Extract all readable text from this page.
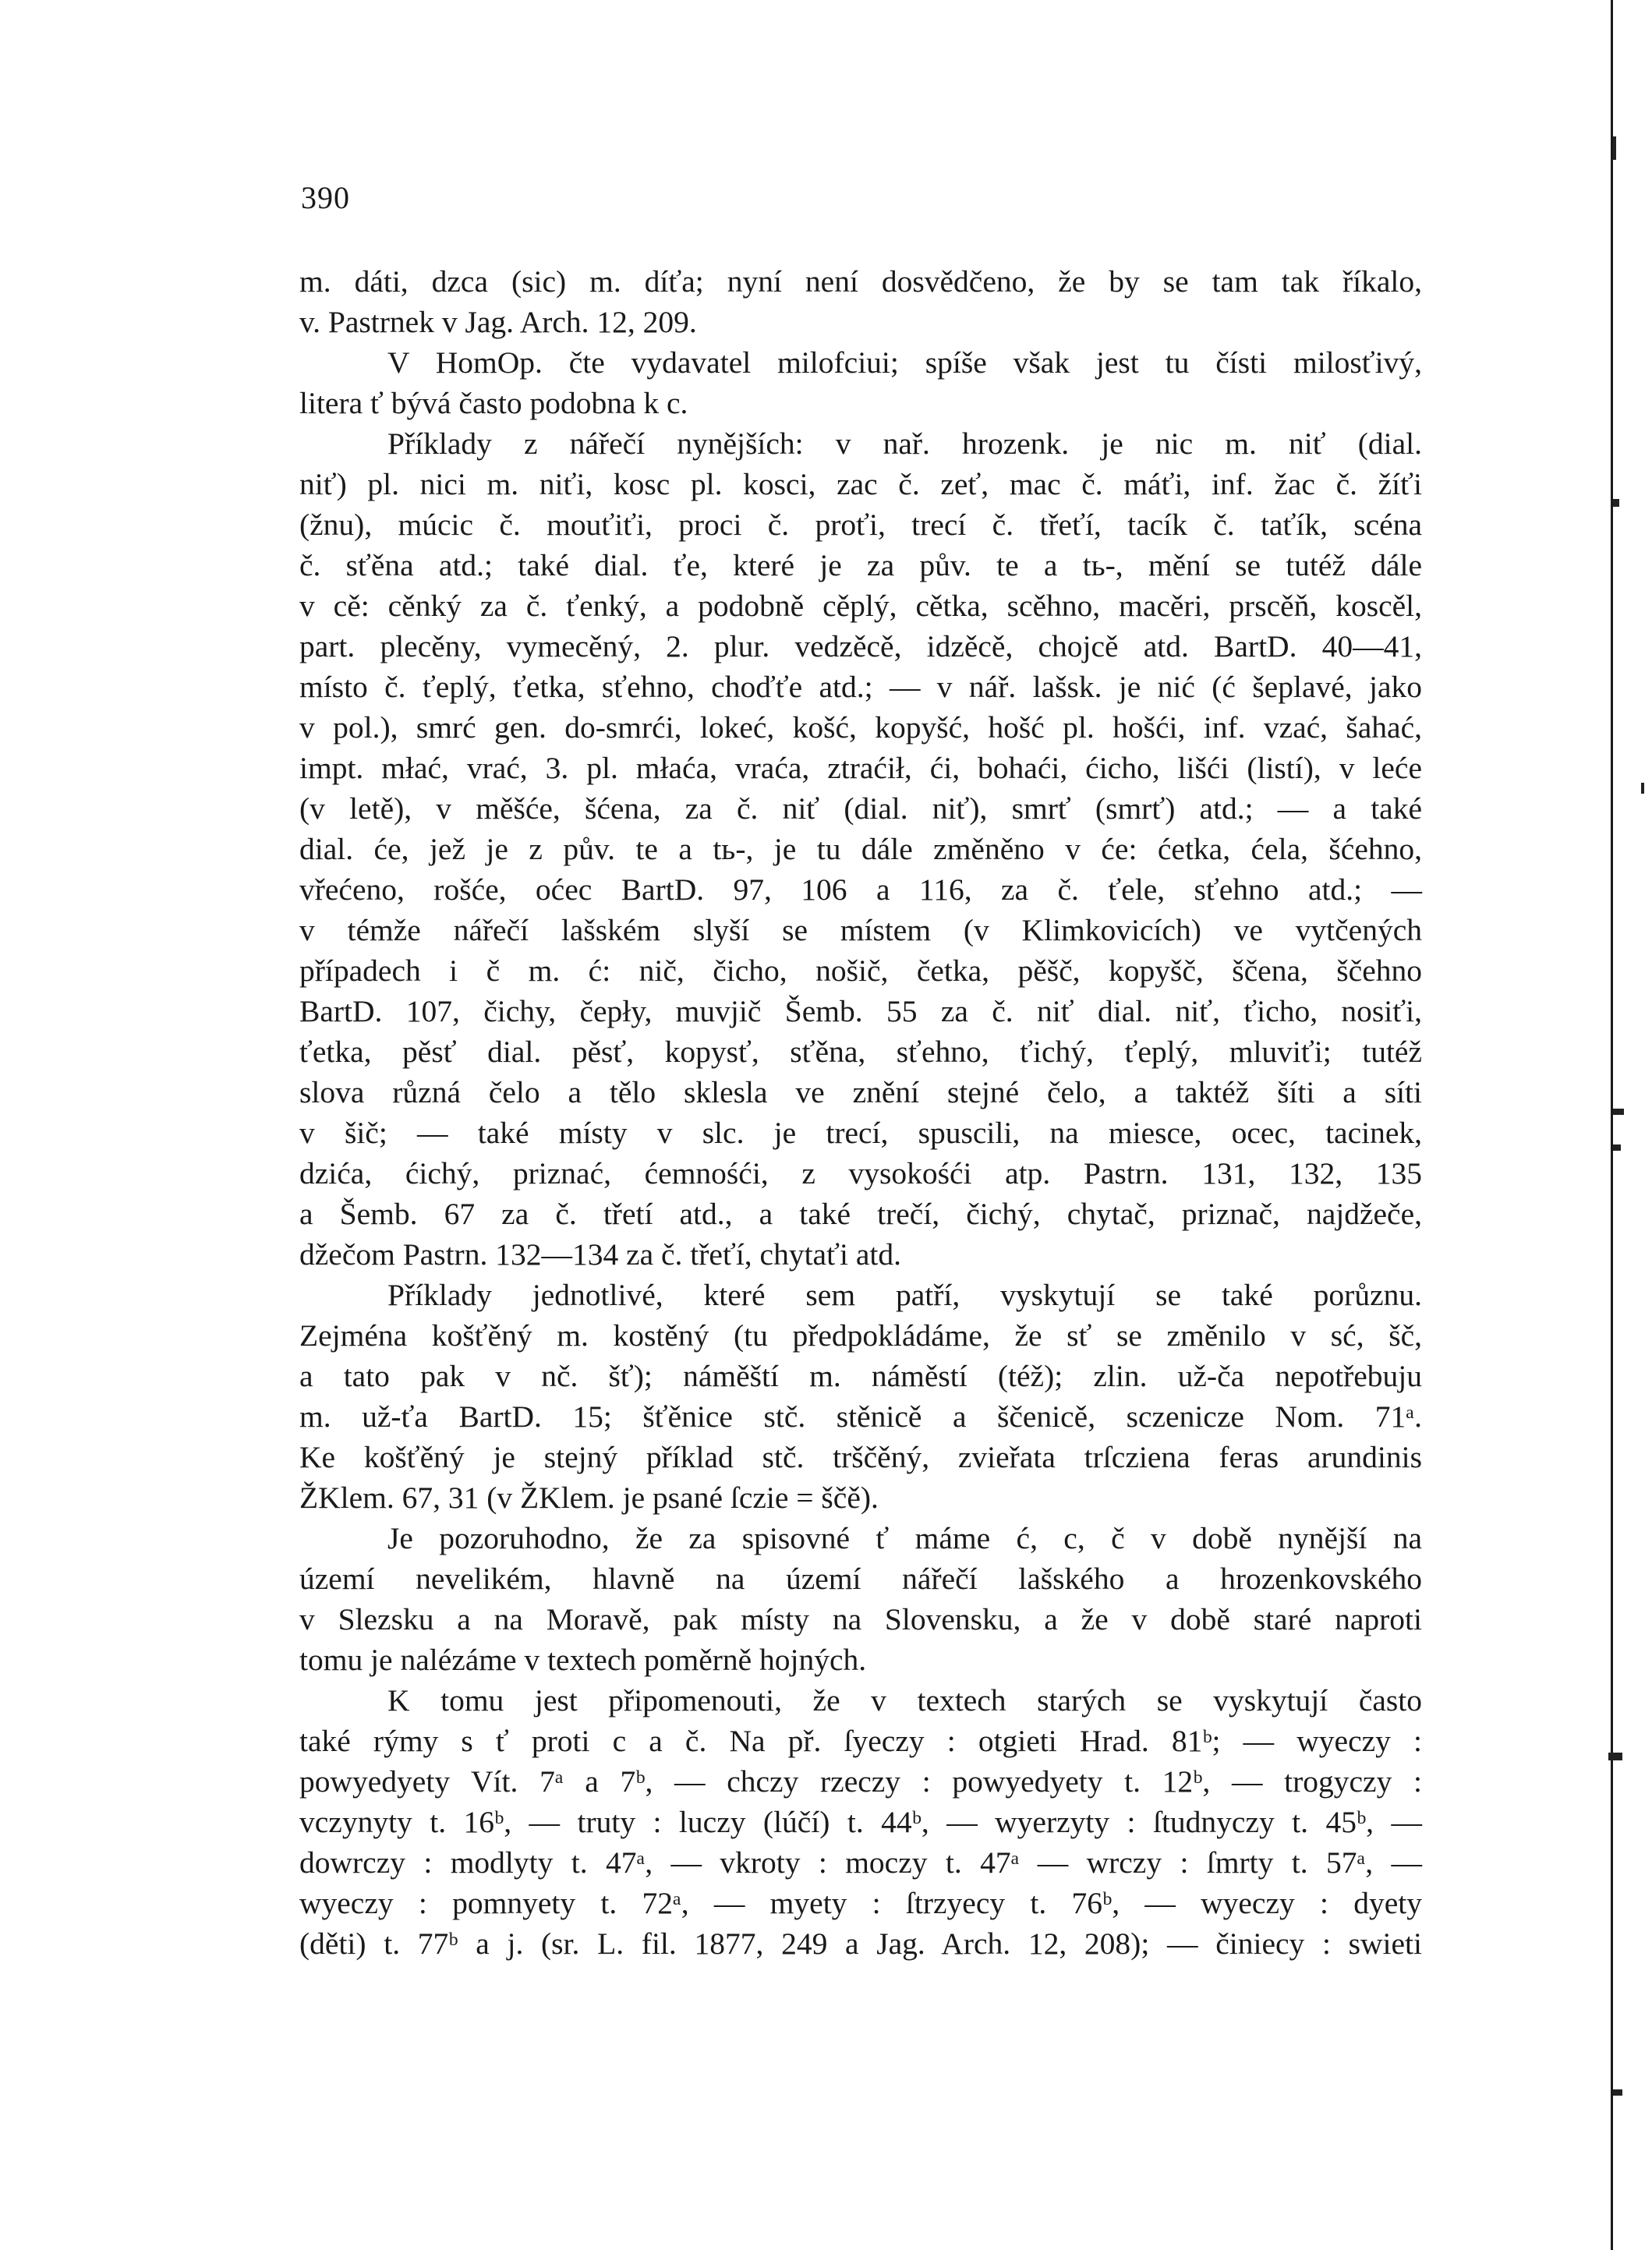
390
m. dáti, dzca (sic) m. díťa; nyní není dosvědčeno, že by se tam tak říkalo,
v. Pastrnek v Jag. Arch. 12, 209.
V HomOp. čte vydavatel milofciui; spíše však jest tu čísti milosťivý,
litera ť bývá často podobna k c.
Příklady z nářečí nynějších: v nař. hrozenk. je nic m. niť (dial.
niť) pl. nici m. niťi, kosc pl. kosci, zac č. zeť, mac č. máťi, inf. žac č. žíťi
(žnu), múcic č. mouťiťi, proci č. proťi, trecí č. třeťí, tacík č. taťík, scéna
č. sťěna atd.; také dial. ťe, které je za pův. te a tь-, mění se tutéž dále
v cě: cěnký za č. ťenký, a podobně cěplý, cětka, scěhno, macěri, prscěň, koscěl,
part. plecěny, vymecěný, 2. plur. vedzěcě, idzěcě, chojcě atd. BartD. 40—41,
místo č. ťeplý, ťetka, sťehno, choďťe atd.; — v nář. lašsk. je nić (ć šeplavé, jako
v pol.), smrć gen. do-smrći, lokeć, košć, kopyšć, hošć pl. hošći, inf. vzać, šahać,
impt. młać, vrać, 3. pl. młaća, vraća, ztraćił, ći, bohaći, ćicho, lišći (listí), v lеće
(v letě), v měšće, šćena, za č. niť (dial. niť), smrť (smrť) atd.; — a také
dial. će, jež je z pův. te a tь-, je tu dále změněno v će: ćetka, ćela, šćehno,
vřećeno, rošće, oćec BartD. 97, 106 a 116, za č. ťele, sťehno atd.; —
v témže nářečí lašském slyší se místem (v Klimkovicích) ve vytčených
případech i č m. ć: nič, čicho, nošič, četka, pěšč, kopyšč, ščena, ščehno
BartD. 107, čichy, čepły, muvjič Šemb. 55 za č. niť dial. niť, ťicho, nosiťi,
ťetka, pěsť dial. pěsť, kopysť, sťěna, sťehno, ťichý, ťeplý, mluviťi; tutéž
slova různá čelo a tělo sklesla ve znění stejné čelo, a taktéž šíti a síti
v šič; — také místy v slc. je trecí, spuscili, na miesce, ocec, tacinek,
dzića, ćichý, priznać, ćemnośći, z vysokośći atp. Pastrn. 131, 132, 135
a Šemb. 67 za č. třetí atd., a také trečí, čichý, chytač, priznač, najdžeče,
džečom Pastrn. 132—134 za č. třeťí, chytaťi atd.
Příklady jednotlivé, které sem patří, vyskytují se také porůznu.
Zejména košťěný m. kostěný (tu předpokládáme, že sť se změnilo v sć, šč,
a tato pak v nč. šť); náměští m. náměstí (též); zlin. už-ča nepotřebuju
m. už-ťa BartD. 15; šťěnice stč. stěnicě a ščenicě, sczenicze Nom. 71ᵃ.
Ke košťěný je stejný příklad stč. trščěný, zvieřata trſcziena feras arundinis
ŽKlem. 67, 31 (v ŽKlem. je psané ſczie = ščě).
Je pozoruhodno, že za spisovné ť máme ć, c, č v době nynější na
území nevelikém, hlavně na území nářečí lašského a hrozenkovského
v Slezsku a na Moravě, pak místy na Slovensku, a že v době staré naproti
tomu je nalézáme v textech poměrně hojných.
K tomu jest připomenouti, že v textech starých se vyskytují často
také rýmy s ť proti c a č. Na př. ſyeczy : otgieti Hrad. 81ᵇ; — wyeczy :
powyedyety Vít. 7ᵃ a 7ᵇ, — chczy rzeczy : powyedyety t. 12ᵇ, — trogyczy :
vczynyty t. 16ᵇ, — truty : luczy (lúčí) t. 44ᵇ, — wyerzyty : ſtudnyczy t. 45ᵇ, —
dowrczy : modlyty t. 47ᵃ, — vkroty : moczy t. 47ᵃ — wrczy : ſmrty t. 57ᵃ, —
wyeczy : pomnyety t. 72ᵃ, — myety : ſtrzyecy t. 76ᵇ, — wyeczy : dyety
(děti) t. 77ᵇ a j. (sr. L. fil. 1877, 249 a Jag. Arch. 12, 208); — činiecy : swieti
